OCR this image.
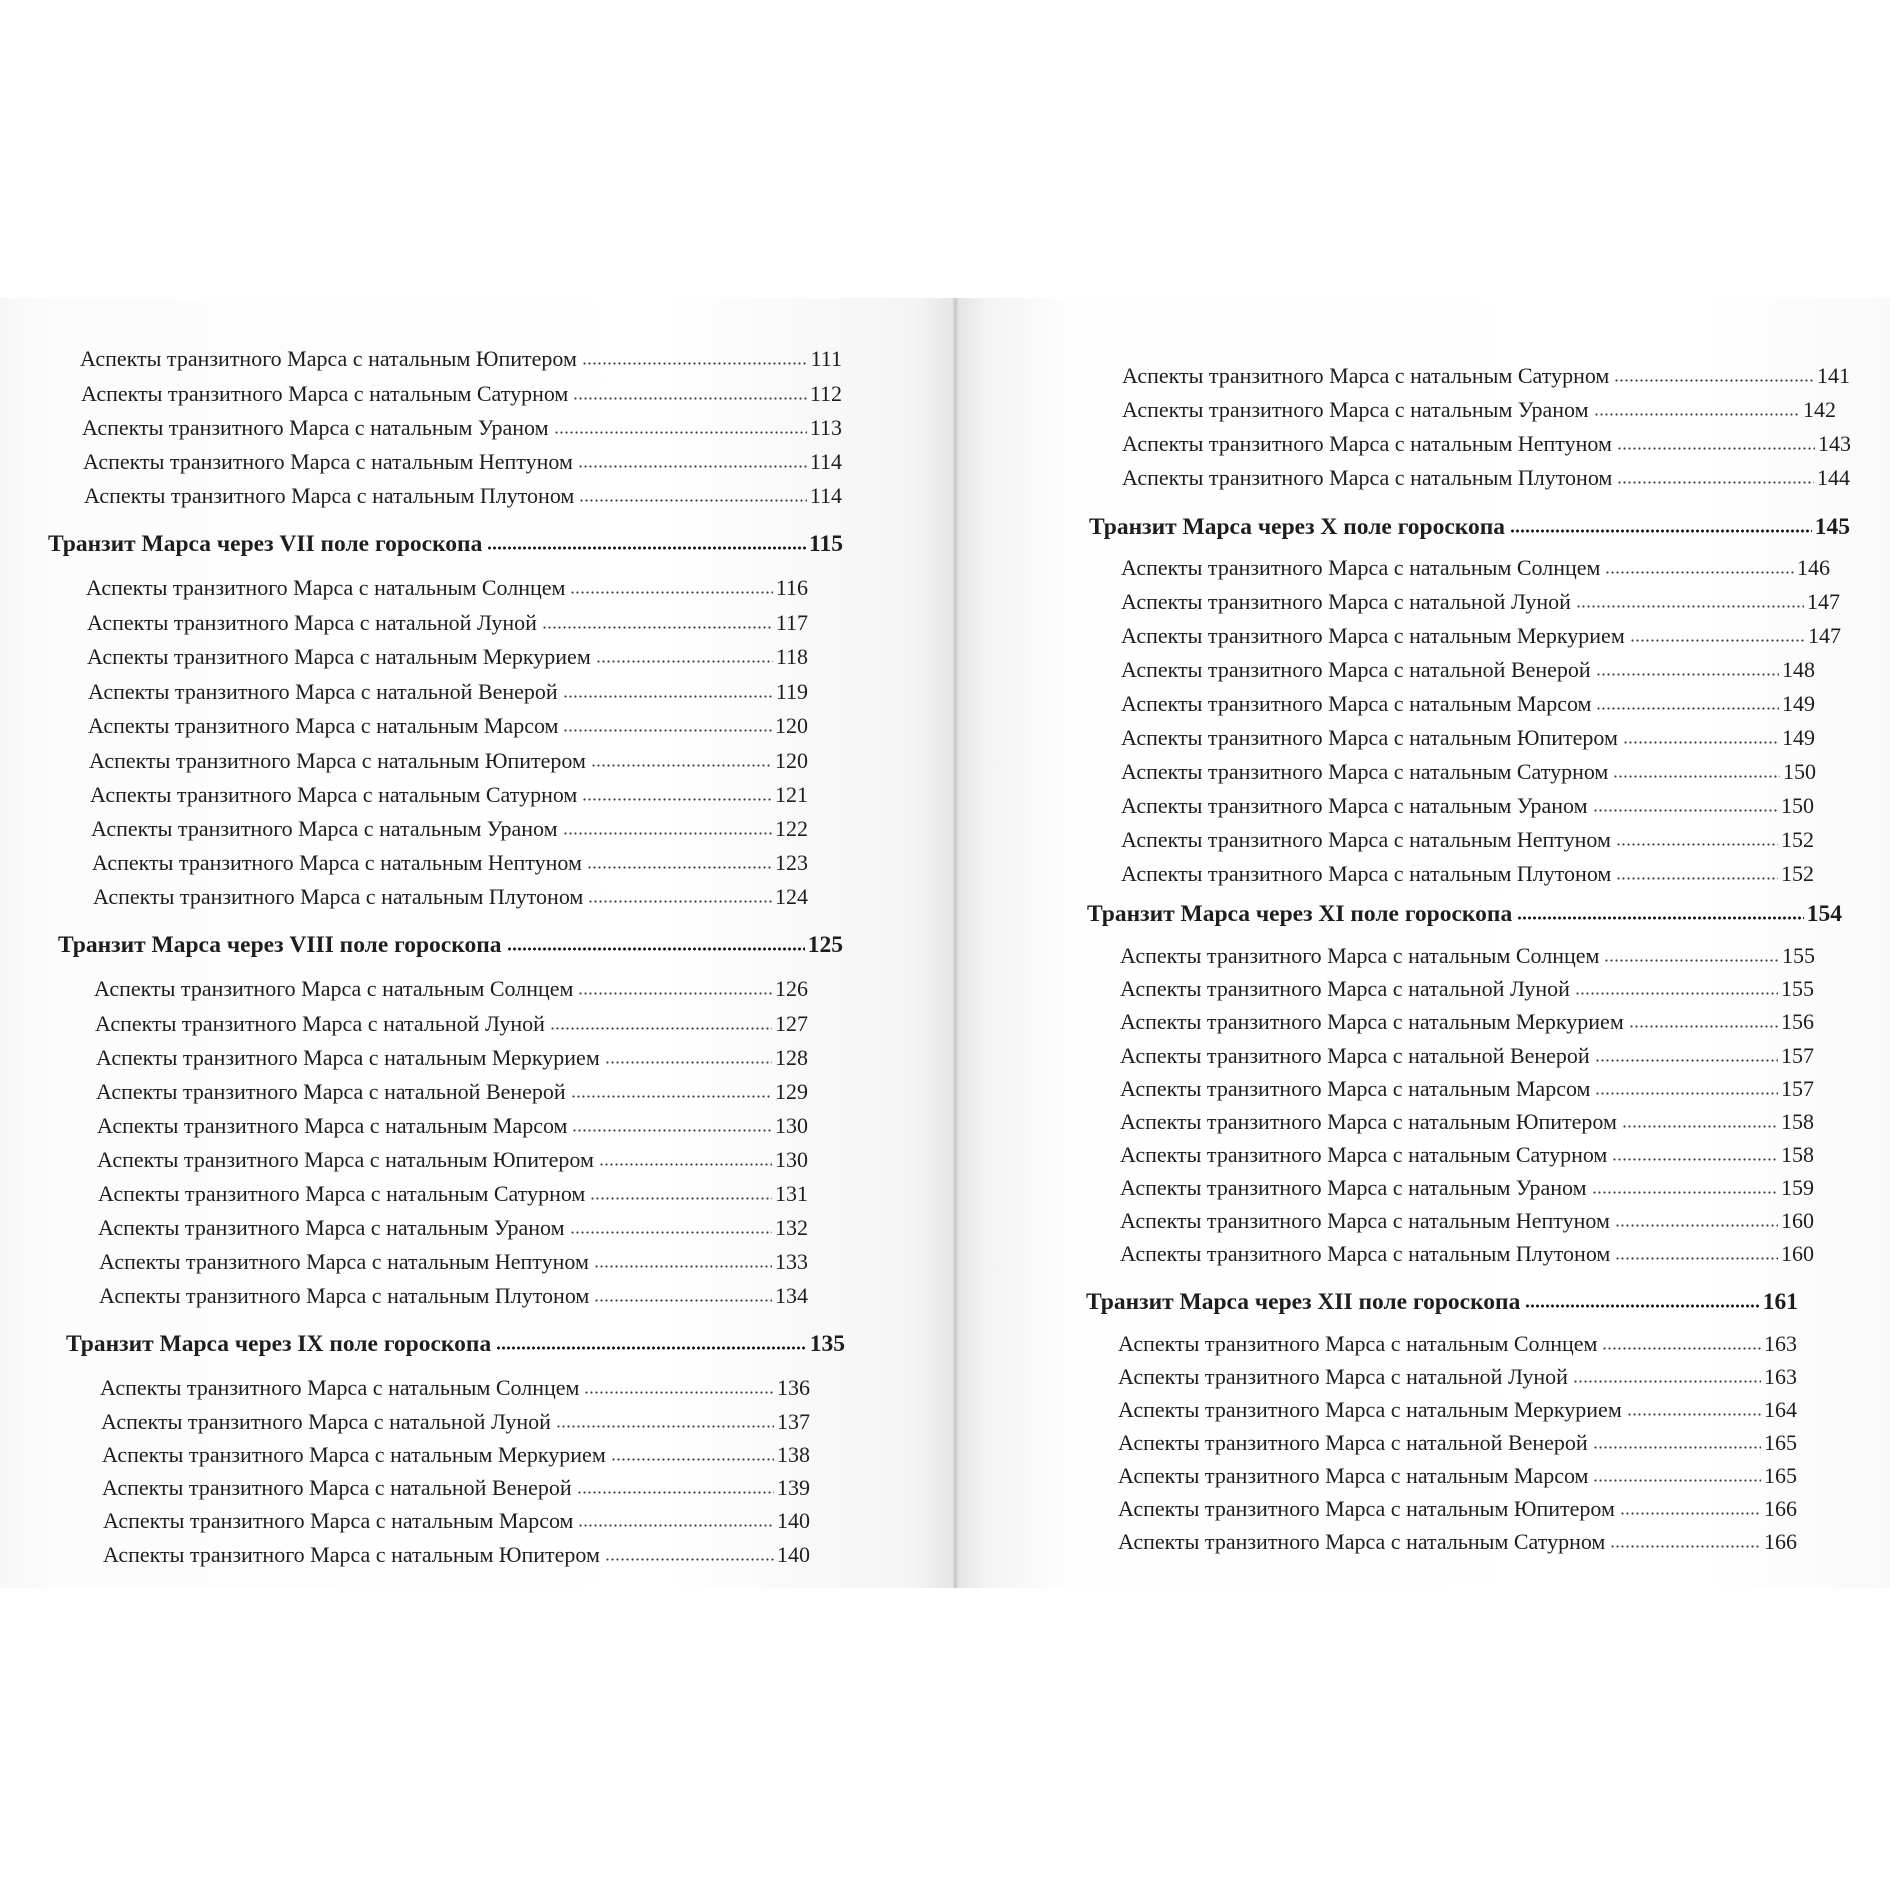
Аспекты транзитного Марса с натальным Юпитером	111
Аспекты транзитного Марса с натальным Сатурном	112
Аспекты транзитного Марса с натальным Ураном	113
Аспекты транзитного Марса с натальным Нептуном	114
Аспекты транзитного Марса с натальным Плутоном	114
Транзит Марса через VII поле гороскопа	115
Аспекты транзитного Марса с натальным Солнцем	116
Аспекты транзитного Марса с натальной Луной	117
Аспекты транзитного Марса с натальным Меркурием	118
Аспекты транзитного Марса с натальной Венерой	119
Аспекты транзитного Марса с натальным Марсом	120
Аспекты транзитного Марса с натальным Юпитером	120
Аспекты транзитного Марса с натальным Сатурном	121
Аспекты транзитного Марса с натальным Ураном	122
Аспекты транзитного Марса с натальным Нептуном	123
Аспекты транзитного Марса с натальным Плутоном	124
Транзит Марса через VIII поле гороскопа	125
Аспекты транзитного Марса с натальным Солнцем	126
Аспекты транзитного Марса с натальной Луной	127
Аспекты транзитного Марса с натальным Меркурием	128
Аспекты транзитного Марса с натальной Венерой	129
Аспекты транзитного Марса с натальным Марсом	130
Аспекты транзитного Марса с натальным Юпитером	130
Аспекты транзитного Марса с натальным Сатурном	131
Аспекты транзитного Марса с натальным Ураном	132
Аспекты транзитного Марса с натальным Нептуном	133
Аспекты транзитного Марса с натальным Плутоном	134
Транзит Марса через IX поле гороскопа	135
Аспекты транзитного Марса с натальным Солнцем	136
Аспекты транзитного Марса с натальной Луной	137
Аспекты транзитного Марса с натальным Меркурием	138
Аспекты транзитного Марса с натальной Венерой	139
Аспекты транзитного Марса с натальным Марсом	140
Аспекты транзитного Марса с натальным Юпитером	140
Аспекты транзитного Марса с натальным Сатурном	141
Аспекты транзитного Марса с натальным Ураном	142
Аспекты транзитного Марса с натальным Нептуном	143
Аспекты транзитного Марса с натальным Плутоном	144
Транзит Марса через X поле гороскопа	145
Аспекты транзитного Марса с натальным Солнцем	146
Аспекты транзитного Марса с натальной Луной	147
Аспекты транзитного Марса с натальным Меркурием	147
Аспекты транзитного Марса с натальной Венерой	148
Аспекты транзитного Марса с натальным Марсом	149
Аспекты транзитного Марса с натальным Юпитером	149
Аспекты транзитного Марса с натальным Сатурном	150
Аспекты транзитного Марса с натальным Ураном	150
Аспекты транзитного Марса с натальным Нептуном	152
Аспекты транзитного Марса с натальным Плутоном	152
Транзит Марса через XI поле гороскопа	154
Аспекты транзитного Марса с натальным Солнцем	155
Аспекты транзитного Марса с натальной Луной	155
Аспекты транзитного Марса с натальным Меркурием	156
Аспекты транзитного Марса с натальной Венерой	157
Аспекты транзитного Марса с натальным Марсом	157
Аспекты транзитного Марса с натальным Юпитером	158
Аспекты транзитного Марса с натальным Сатурном	158
Аспекты транзитного Марса с натальным Ураном	159
Аспекты транзитного Марса с натальным Нептуном	160
Аспекты транзитного Марса с натальным Плутоном	160
Транзит Марса через XII поле гороскопа	161
Аспекты транзитного Марса с натальным Солнцем	163
Аспекты транзитного Марса с натальной Луной	163
Аспекты транзитного Марса с натальным Меркурием	164
Аспекты транзитного Марса с натальной Венерой	165
Аспекты транзитного Марса с натальным Марсом	165
Аспекты транзитного Марса с натальным Юпитером	166
Аспекты транзитного Марса с натальным Сатурном	166
